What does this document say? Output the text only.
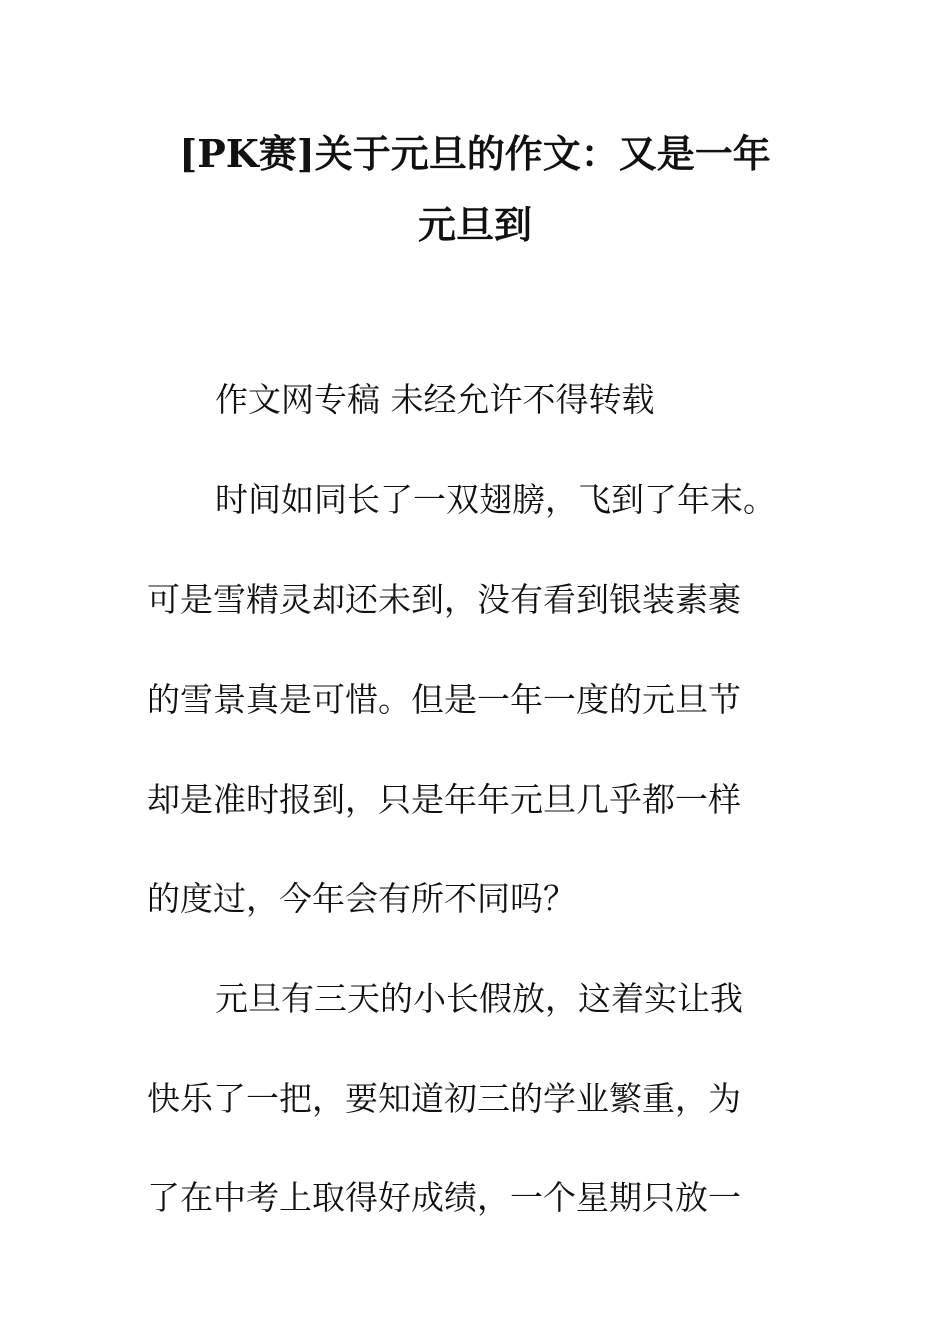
[PK赛]关于元旦的作文：又是一年
元旦到

作文网专稿 未经允许不得转载

时间如同长了一双翅膀，飞到了年末。

可是雪精灵却还未到，没有看到银装素裹

的雪景真是可惜。但是一年一度的元旦节

却是准时报到，只是年年元旦几乎都一样

的度过，今年会有所不同吗？

元旦有三天的小长假放，这着实让我

快乐了一把，要知道初三的学业繁重，为

了在中考上取得好成绩，一个星期只放一
